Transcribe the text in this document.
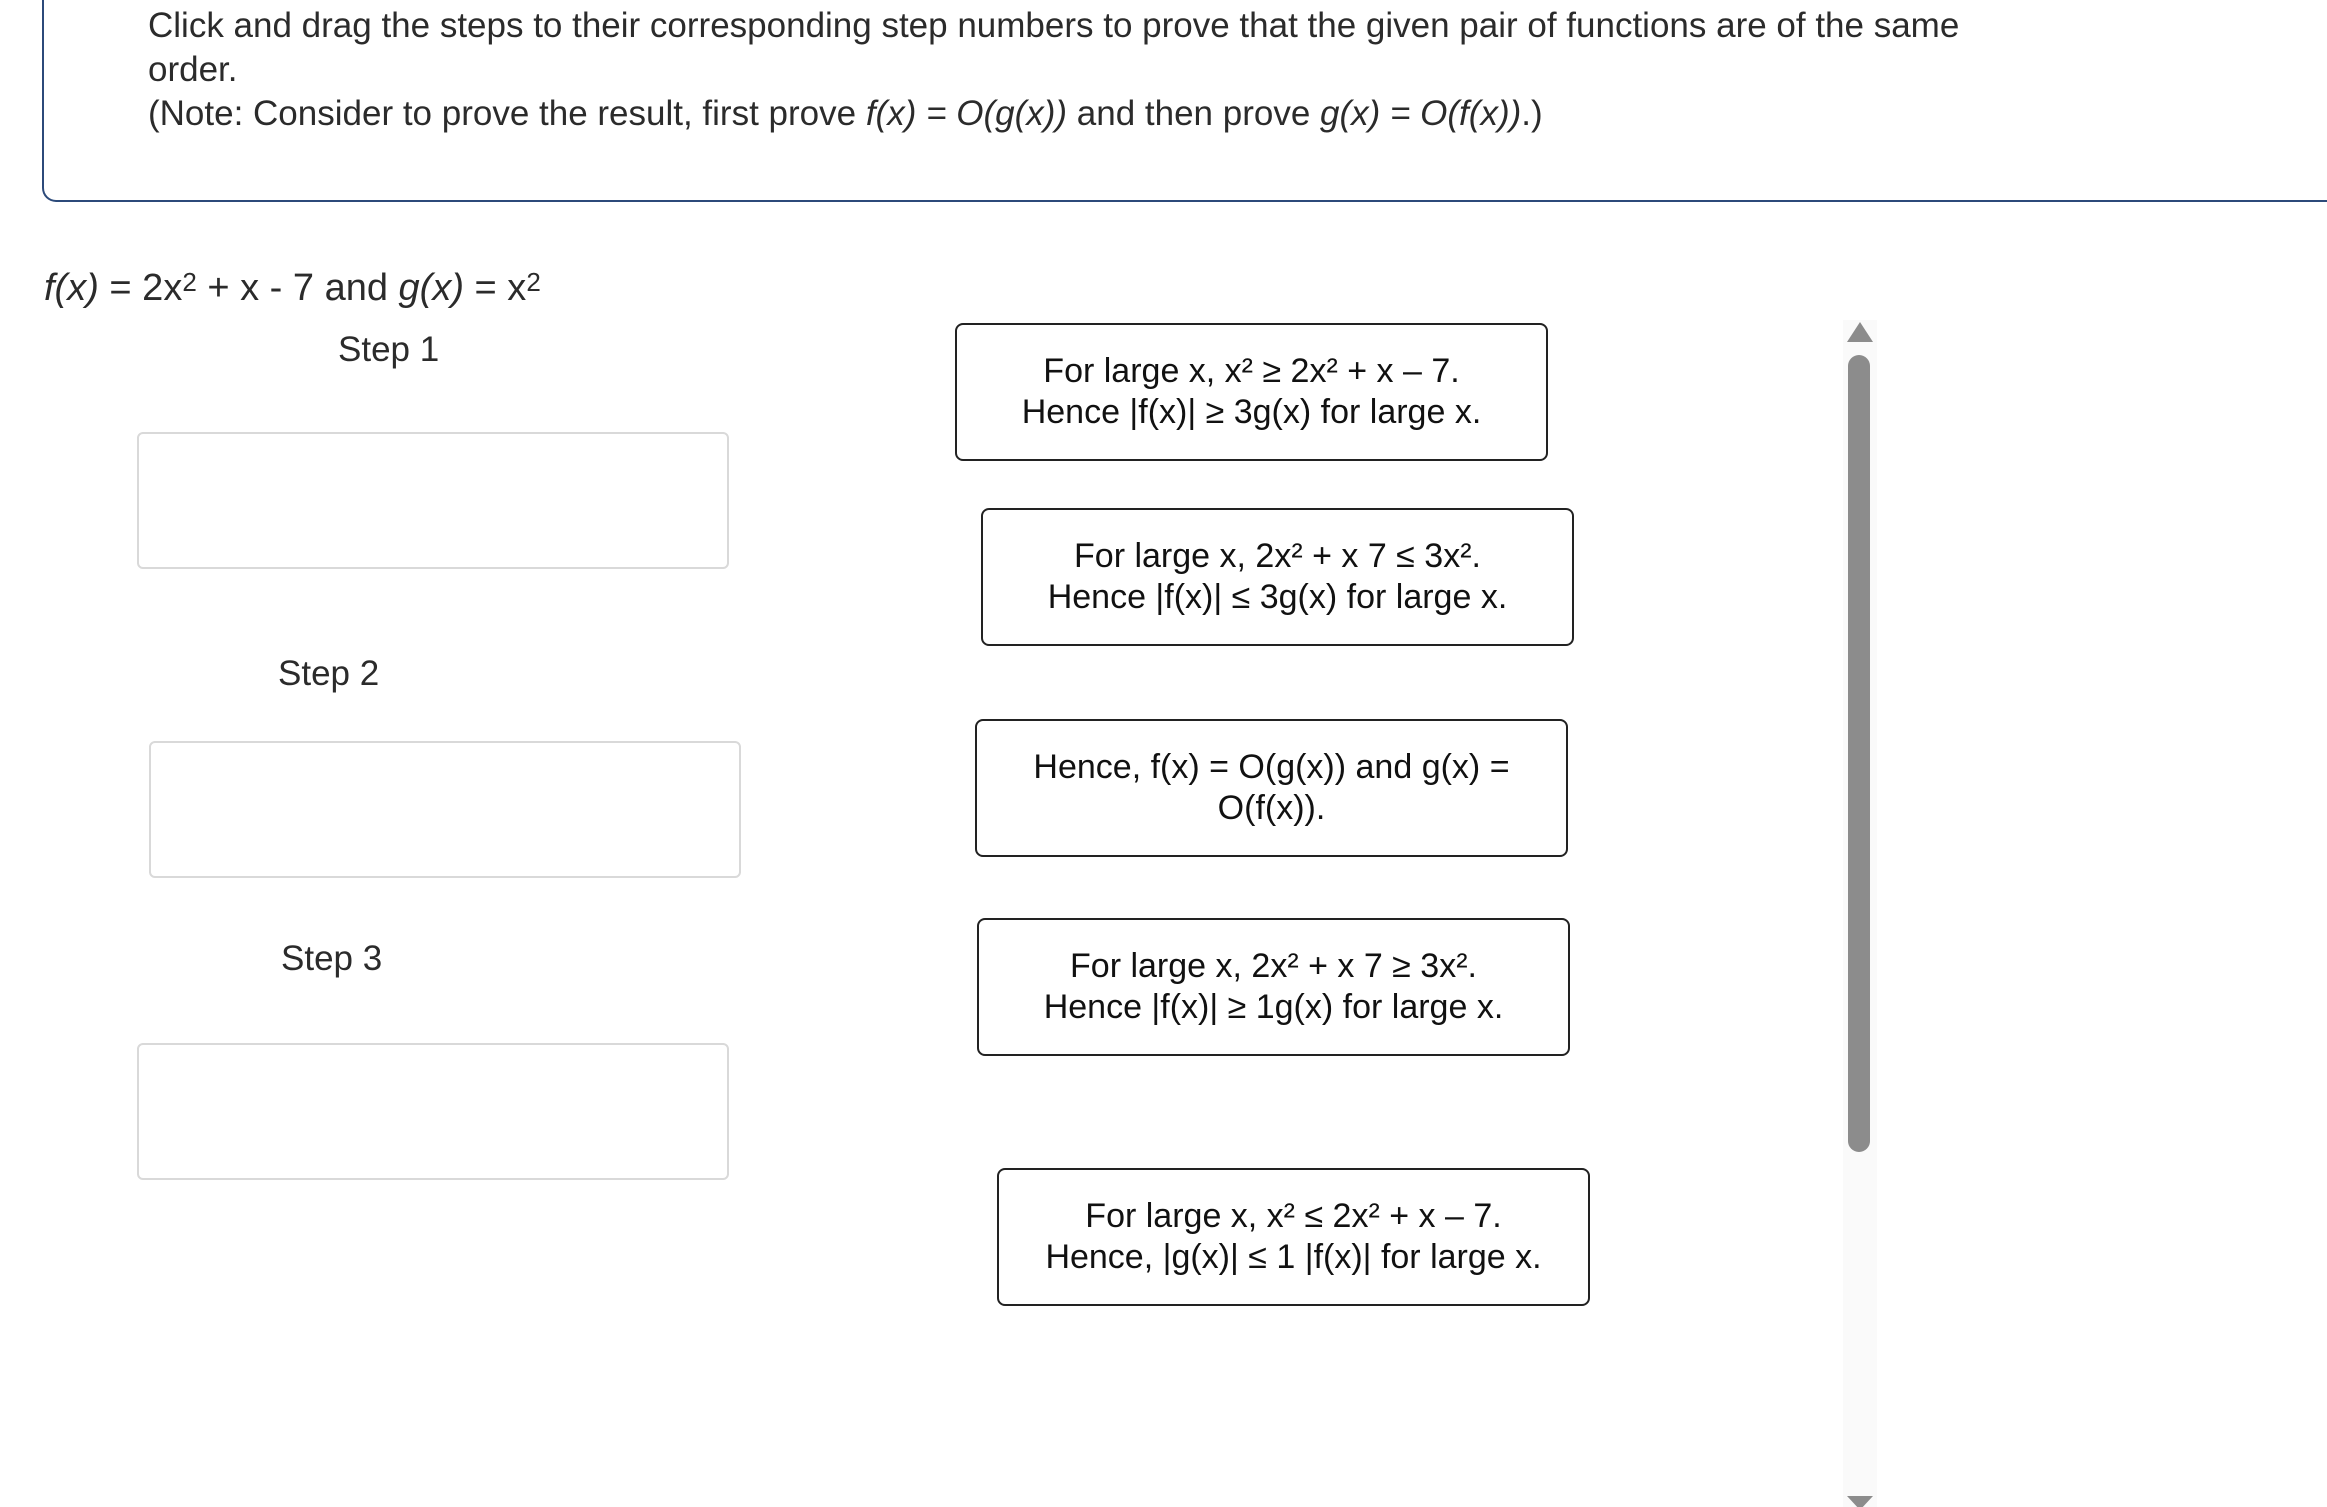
Click and drag the steps to their corresponding step numbers to prove that the given pair of functions are of the same
order.
(Note: Consider to prove the result, first prove f(x) = O(g(x)) and then prove g(x) = O(f(x)).)
$f(x) = 2x^2 + x - 7$ and $g(x) = x^2$
Step 1
Step 2
Step 3
For large x, x² ≥ 2x² + x – 7.
Hence |f(x)| ≥ 3g(x) for large x.
For large x, 2x² + x 7 ≤ 3x².
Hence |f(x)| ≤ 3g(x) for large x.
Hence, f(x) = O(g(x)) and g(x) =
O(f(x)).
For large x, 2x² + x 7 ≥ 3x².
Hence |f(x)| ≥ 1g(x) for large x.
For large x, x² ≤ 2x² + x – 7.
Hence, |g(x)| ≤ 1 |f(x)| for large x.
